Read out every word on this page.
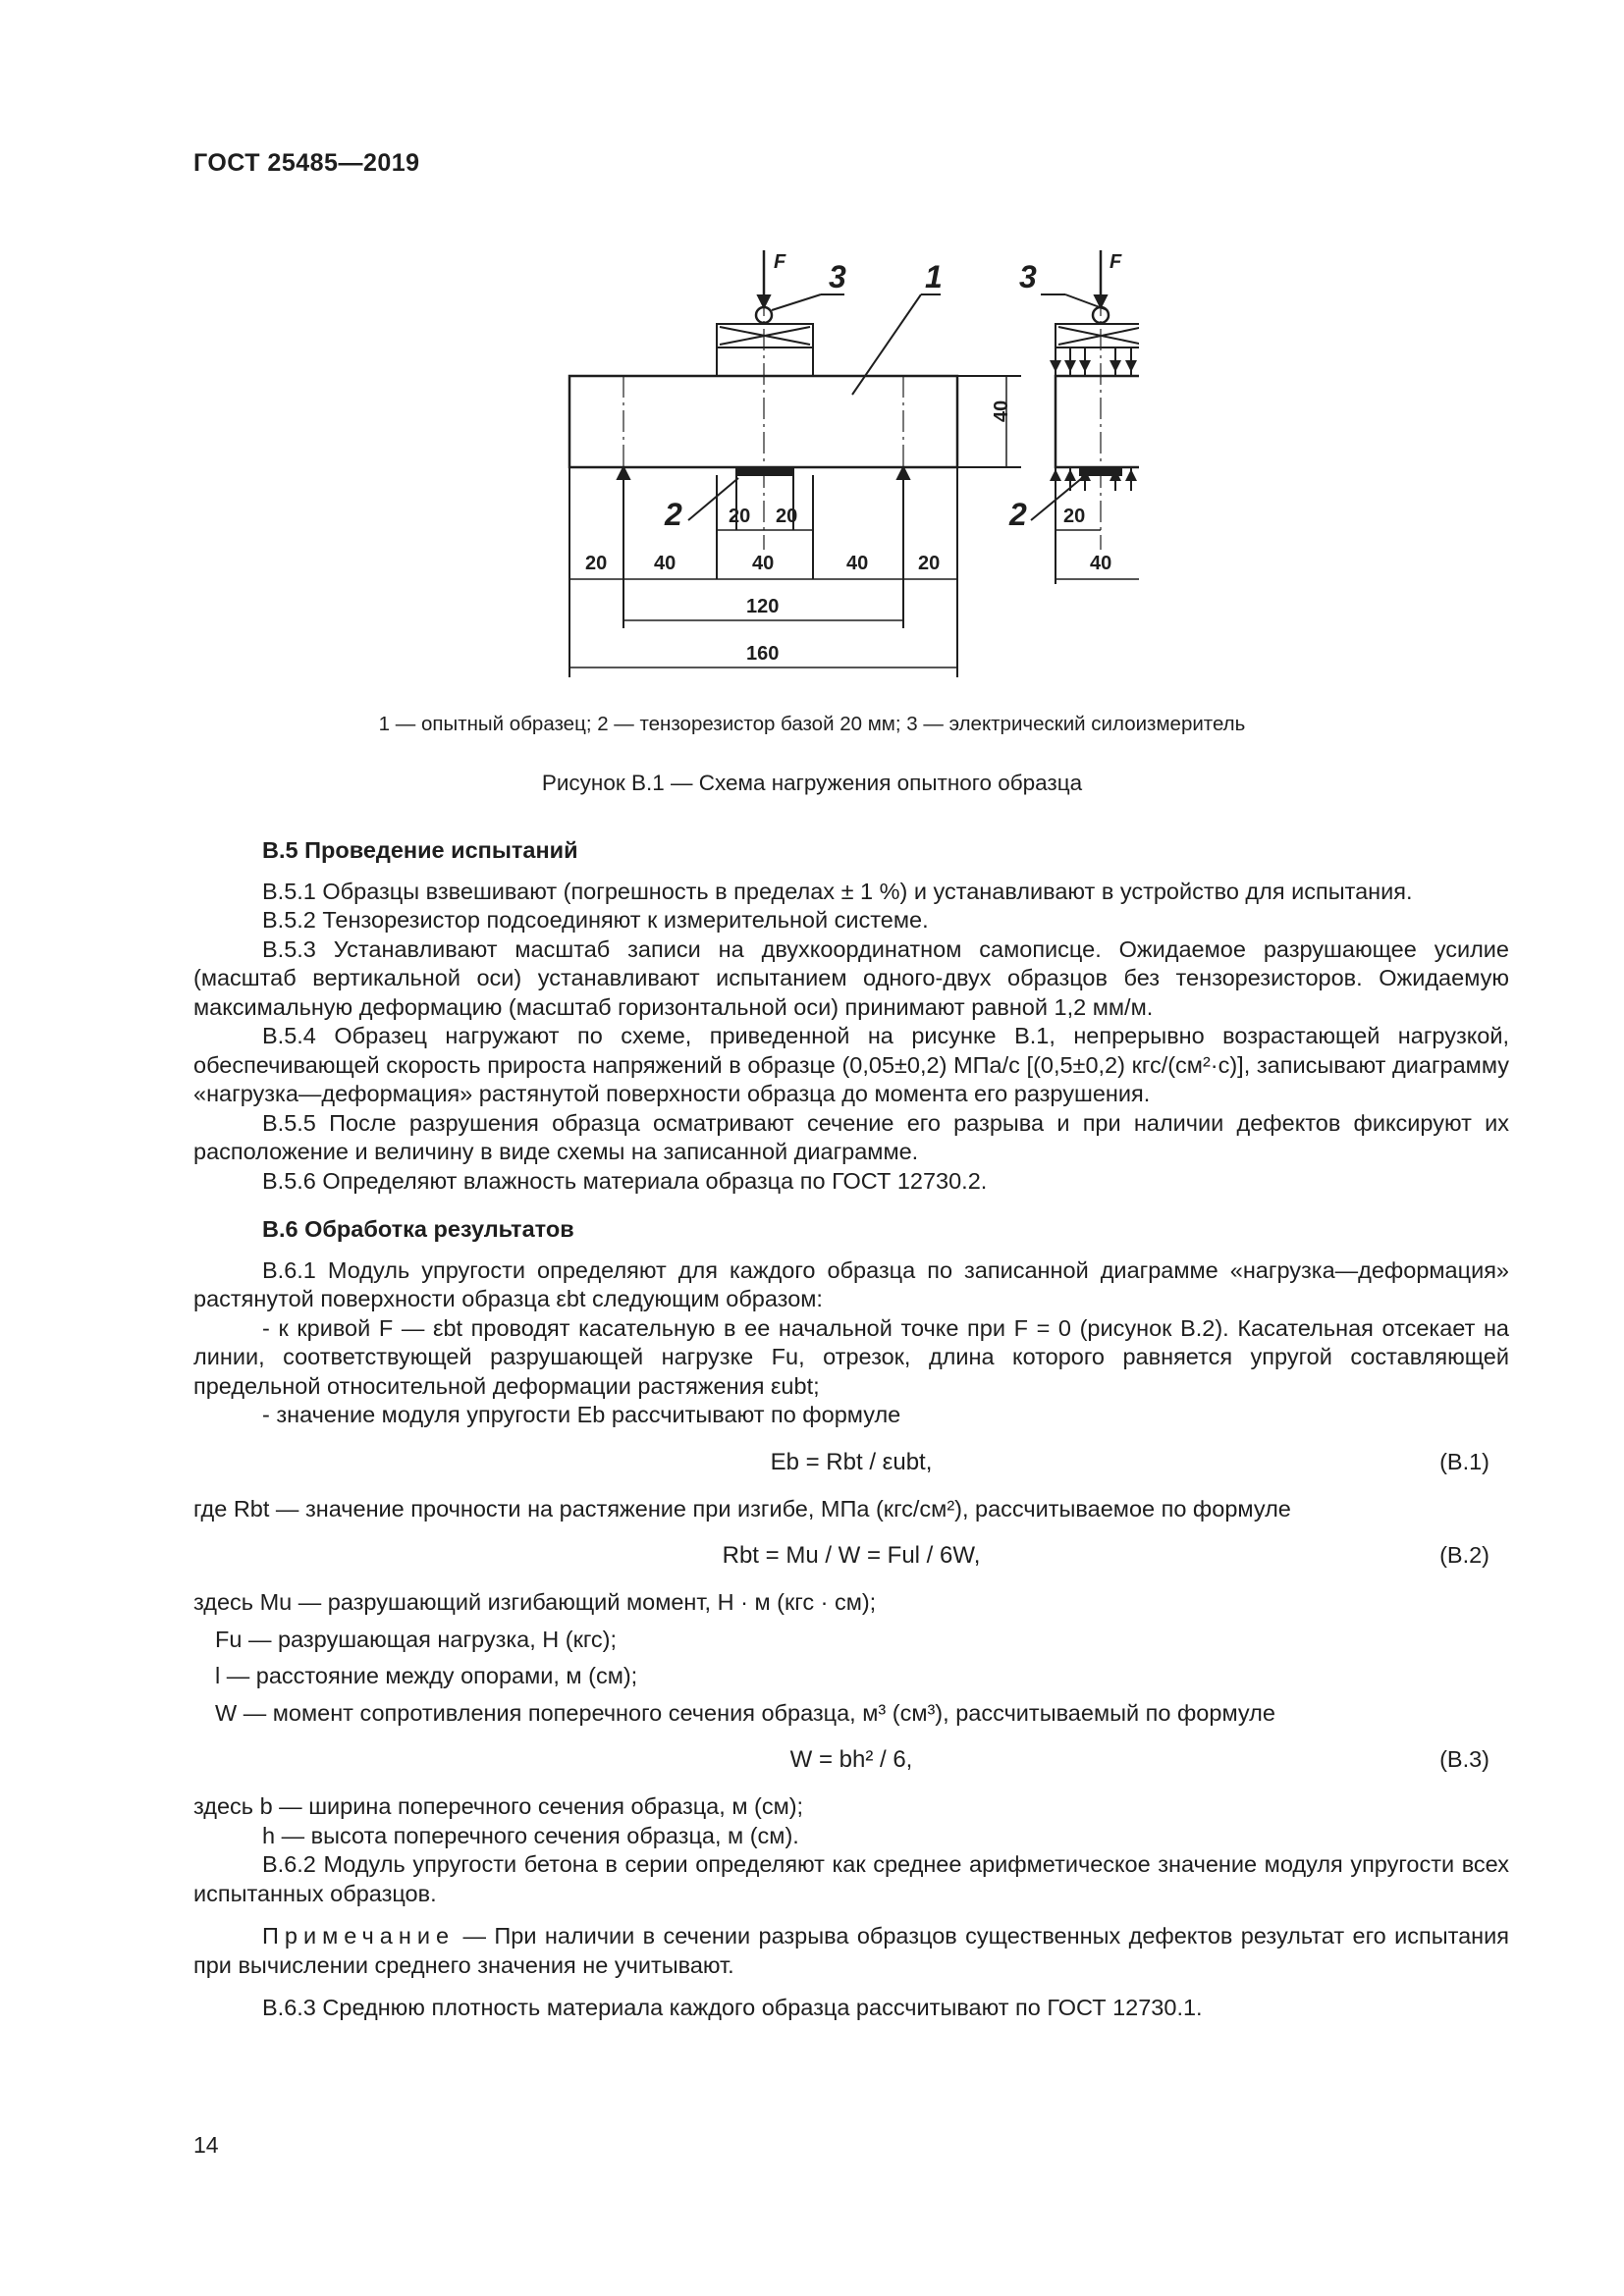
ГОСТ 25485—2019
F	F
1
3	3
2	2
20 20
20 40	40	40	20
120
160
40
20
40
1 — опытный образец; 2 — тензорезистор базой 20 мм; 3 — электрический силоизмеритель
Рисунок В.1 — Схема нагружения опытного образца

В.5 Проведение испытаний

В.5.1 Образцы взвешивают (погрешность в пределах ± 1 %) и устанавливают в устройство для испытания.

В.5.2 Тензорезистор подсоединяют к измерительной системе.

В.5.3 Устанавливают масштаб записи на двухкоординатном самописце. Ожидаемое разрушающее усилие (масштаб вертикальной оси) устанавливают испытанием одного-двух образцов без тензорезисторов. Ожидаемую максимальную деформацию (масштаб горизонтальной оси) принимают равной 1,2 мм/м.

В.5.4 Образец нагружают по схеме, приведенной на рисунке В.1, непрерывно возрастающей нагрузкой, обеспечивающей скорость прироста напряжений в образце (0,05±0,2) МПа/с [(0,5±0,2) кгс/(см²·с)], записывают диаграмму «нагрузка—деформация» растянутой поверхности образца до момента его разрушения.

В.5.5 После разрушения образца осматривают сечение его разрыва и при наличии дефектов фиксируют их расположение и величину в виде схемы на записанной диаграмме.

В.5.6 Определяют влажность материала образца по ГОСТ 12730.2.

В.6 Обработка результатов

В.6.1 Модуль упругости определяют для каждого образца по записанной диаграмме «нагрузка—деформация» растянутой поверхности образца εbt следующим образом:

- к кривой F — εbt проводят касательную в ее начальной точке при F = 0 (рисунок В.2). Касательная отсекает на линии, соответствующей разрушающей нагрузке Fu, отрезок, длина которого равняется упругой составляющей предельной относительной деформации растяжения εubt;

- значение модуля упругости Eb рассчитывают по формуле

Eb = Rbt / εubt,	(В.1)

где Rbt — значение прочности на растяжение при изгибе, МПа (кгс/см²), рассчитываемое по формуле

Rbt = Mu / W = Ful / 6W,	(В.2)

здесь Mu — разрушающий изгибающий момент, Н · м (кгс · см);

Fu — разрушающая нагрузка, Н (кгс);

l — расстояние между опорами, м (см);

W — момент сопротивления поперечного сечения образца, м³ (см³), рассчитываемый по формуле

W = bh² / 6,	(В.3)

здесь b — ширина поперечного сечения образца, м (см);

h — высота поперечного сечения образца, м (см).

В.6.2 Модуль упругости бетона в серии определяют как среднее арифметическое значение модуля упругости всех испытанных образцов.

Примечание — При наличии в сечении разрыва образцов существенных дефектов результат его испытания при вычислении среднего значения не учитывают.

В.6.3 Среднюю плотность материала каждого образца рассчитывают по ГОСТ 12730.1.

14
